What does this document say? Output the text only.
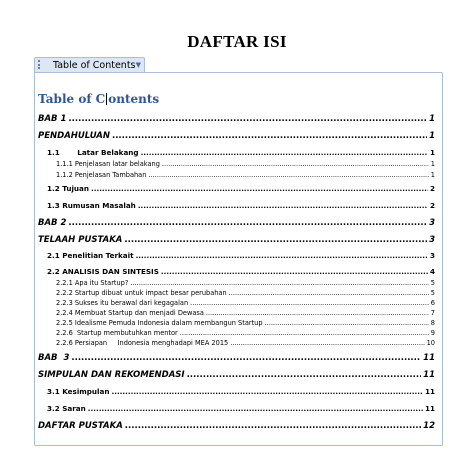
DAFTAR ISI
Table of Contents ▼
Table of C ontents
BAB 1 .....	1
PENDAHULUAN .....	1
1.1       Latar Belakang .....	1
1.1.1 Penjelasan latar belakang .....	1
1.1.2 Penjelasan Tambahan .....	1
1.2 Tujuan .....	2
1.3 Rumusan Masalah .....	2
BAB 2 .....	3
TELAAH PUSTAKA .....	3
2.1 Penelitian Terkait .....	3
2.2 ANALISIS DAN SINTESIS .....	4
2.2.1 Apa itu Startup? .....	5
2.2.2 Startup dibuat untuk impact besar perubahan .....	5
2.2.3 Sukses itu berawal dari kegagalan .....	6
2.2.4 Membuat Startup dan menjadi Dewasa .....	7
2.2.5 Idealisme Pemuda Indonesia dalam membangun Startup .....	8
2.2.6  Startup membutuhkan mentor .....	9
2.2.6 Persiapan     Indonesia menghadapi MEA 2015 .....	10
BAB  3 .....	11
SIMPULAN DAN REKOMENDASI .....	11
3.1 Kesimpulan .....	11
3.2 Saran .....	11
DAFTAR PUSTAKA .....	12
